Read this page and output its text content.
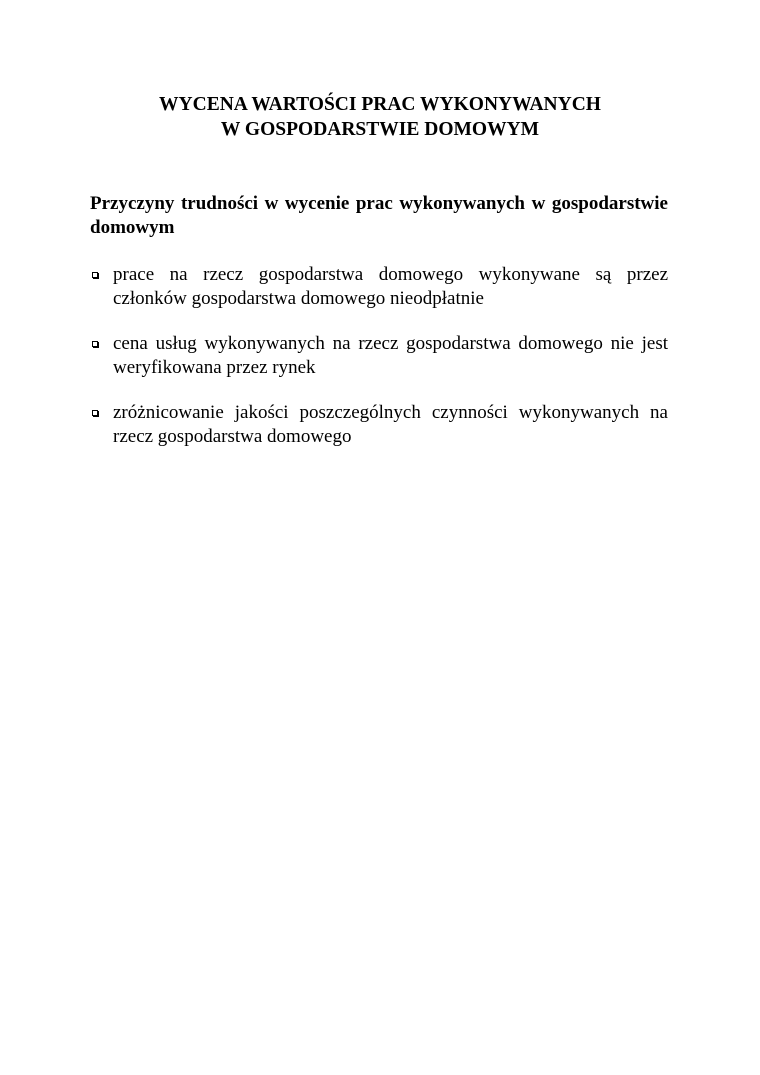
WYCENA WARTOŚCI PRAC WYKONYWANYCH
W GOSPODARSTWIE DOMOWYM

Przyczyny trudności w wycenie prac wykonywanych w gospodarstwie domowym

prace na rzecz gospodarstwa domowego wykonywane są przez członków gospodarstwa domowego nieodpłatnie
cena usług wykonywanych na rzecz gospodarstwa domowego nie jest weryfikowana przez rynek
zróżnicowanie jakości poszczególnych czynności wykonywanych na rzecz gospodarstwa domowego
